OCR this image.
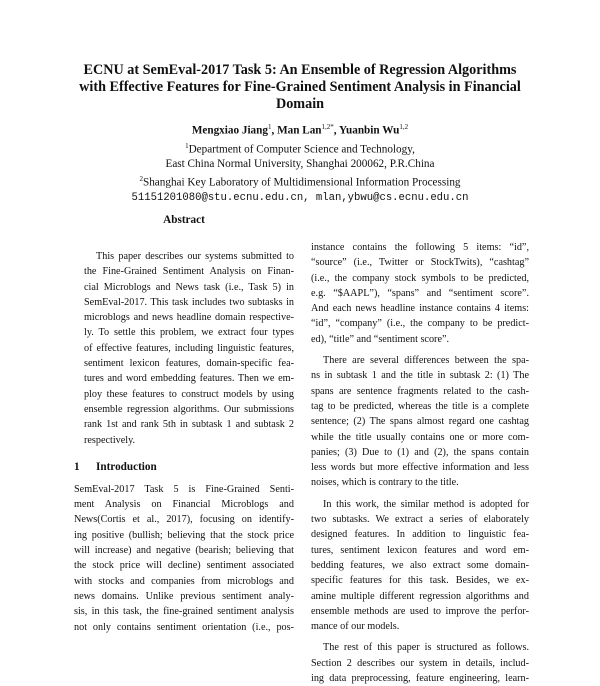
ECNU at SemEval-2017 Task 5: An Ensemble of Regression Algorithms
with Effective Features for Fine-Grained Sentiment Analysis in Financial
Domain
Mengxiao Jiang$^1$, Man Lan$^{1,2*}$, Yuanbin Wu$^{1,2}$
$^1$Department of Computer Science and Technology,
East China Normal University, Shanghai 200062, P.R.China
$^2$Shanghai Key Laboratory of Multidimensional Information Processing
51151201080@stu.ecnu.edu.cn, mlan,ybwu@cs.ecnu.edu.cn
Abstract
This paper describes our systems submitted to
the Fine-Grained Sentiment Analysis on Finan-
cial Microblogs and News task (i.e., Task 5) in
SemEval-2017. This task includes two subtasks in
microblogs and news headline domain respective-
ly. To settle this problem, we extract four types
of effective features, including linguistic features,
sentiment lexicon features, domain-specific fea-
tures and word embedding features. Then we em-
ploy these features to construct models by using
ensemble regression algorithms. Our submissions
rank 1st and rank 5th in subtask 1 and subtask 2
respectively.
1 Introduction
SemEval-2017 Task 5 is Fine-Grained Senti-
ment Analysis on Financial Microblogs and
News(Cortis et al., 2017), focusing on identify-
ing positive (bullish; believing that the stock price
will increase) and negative (bearish; believing that
the stock price will decline) sentiment associated
with stocks and companies from microblogs and
news domains. Unlike previous sentiment analy-
sis, in this task, the fine-grained sentiment analysis
not only contains sentiment orientation (i.e., pos-
instance contains the following 5 items: “id”,
“source” (i.e., Twitter or StockTwits), “cashtag”
(i.e., the company stock symbols to be predicted,
e.g. “$AAPL”), “spans” and “sentiment score”.
And each news headline instance contains 4 items:
“id”, “company” (i.e., the company to be predict-
ed), “title” and “sentiment score”.
There are several differences between the spa-
ns in subtask 1 and the title in subtask 2: (1) The
spans are sentence fragments related to the cash-
tag to be predicted, whereas the title is a complete
sentence; (2) The spans almost regard one cashtag
while the title usually contains one or more com-
panies; (3) Due to (1) and (2), the spans contain
less words but more effective information and less
noises, which is contrary to the title.
In this work, the similar method is adopted for
two subtasks. We extract a series of elaborately
designed features. In addition to linguistic fea-
tures, sentiment lexicon features and word em-
bedding features, we also extract some domain-
specific features for this task. Besides, we ex-
amine multiple different regression algorithms and
ensemble methods are used to improve the perfor-
mance of our models.
The rest of this paper is structured as follows.
Section 2 describes our system in details, includ-
ing data preprocessing, feature engineering, learn-
